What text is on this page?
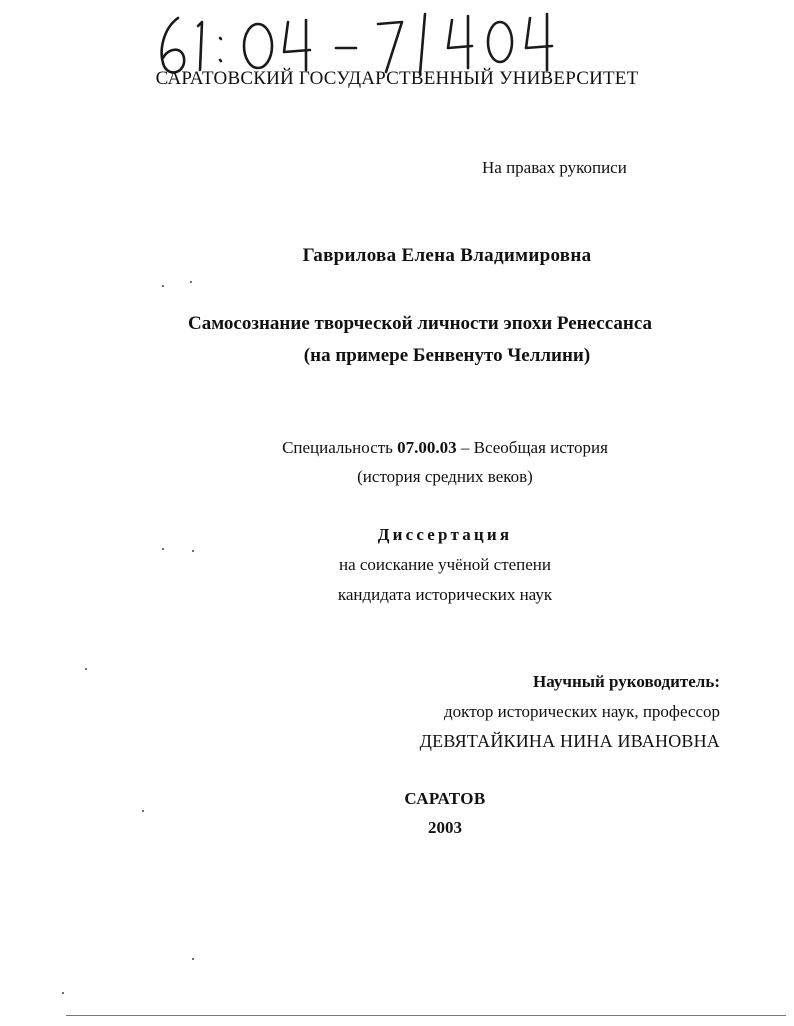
САРАТОВСКИЙ ГОСУДАРСТВЕННЫЙ УНИВЕРСИТЕТ
На правах рукописи
Гаврилова Елена Владимировна
Самосознание творческой личности эпохи Ренессанса
(на примере Бенвенуто Челлини)
Специальность 07.00.03 – Всеобщая история
(история средних веков)
Диссертация
на соискание учёной степени
кандидата исторических наук
Научный руководитель:
доктор исторических наук, профессор
ДЕВЯТАЙКИНА НИНА ИВАНОВНА
САРАТОВ
2003
